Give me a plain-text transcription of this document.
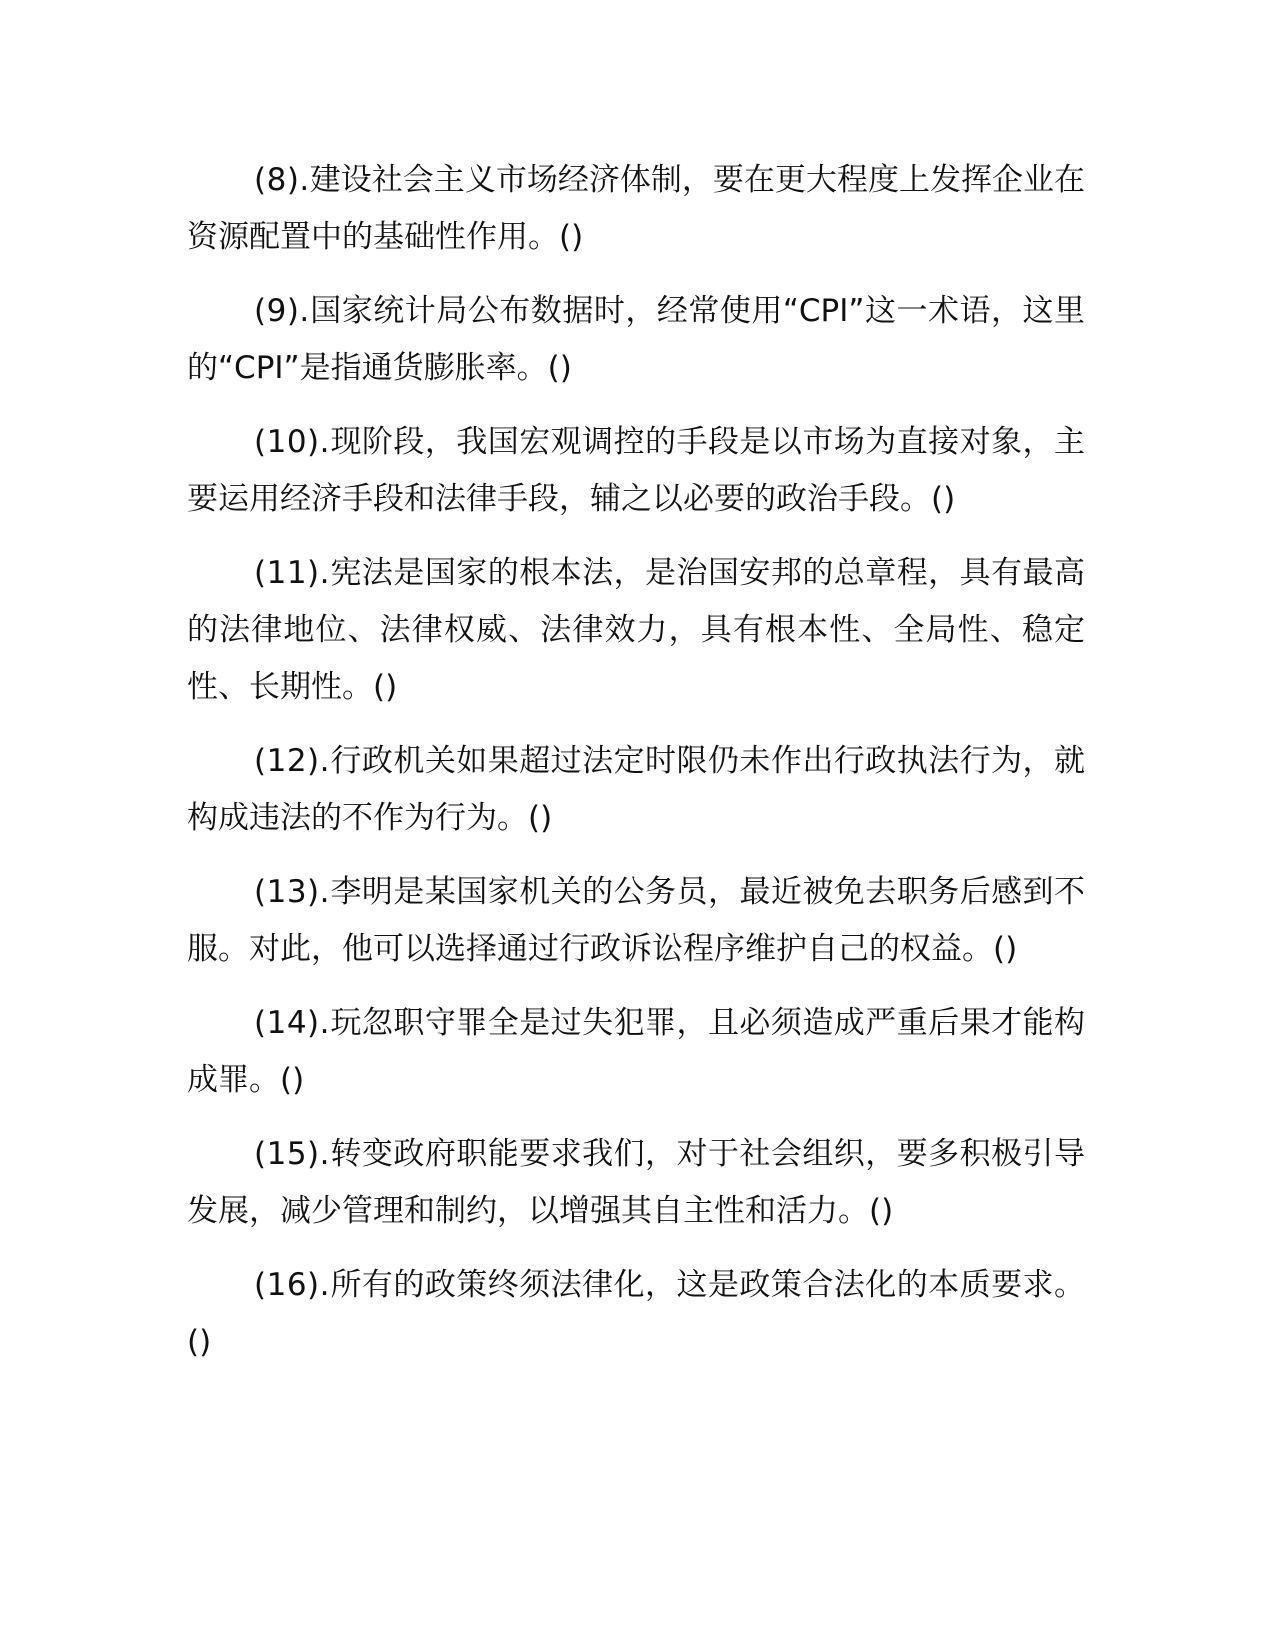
(8).建设社会主义市场经济体制，要在更大程度上发挥企业在资源配置中的基础性作用。()

(9).国家统计局公布数据时，经常使用“CPI”这一术语，这里的“CPI”是指通货膨胀率。()

(10).现阶段，我国宏观调控的手段是以市场为直接对象，主要运用经济手段和法律手段，辅之以必要的政治手段。()

(11).宪法是国家的根本法，是治国安邦的总章程，具有最高的法律地位、法律权威、法律效力，具有根本性、全局性、稳定性、长期性。()

(12).行政机关如果超过法定时限仍未作出行政执法行为，就构成违法的不作为行为。()

(13).李明是某国家机关的公务员，最近被免去职务后感到不服。对此，他可以选择通过行政诉讼程序维护自己的权益。()

(14).玩忽职守罪全是过失犯罪，且必须造成严重后果才能构成罪。()

(15).转变政府职能要求我们，对于社会组织，要多积极引导发展，减少管理和制约，以增强其自主性和活力。()

(16).所有的政策终须法律化，这是政策合法化的本质要求。()
